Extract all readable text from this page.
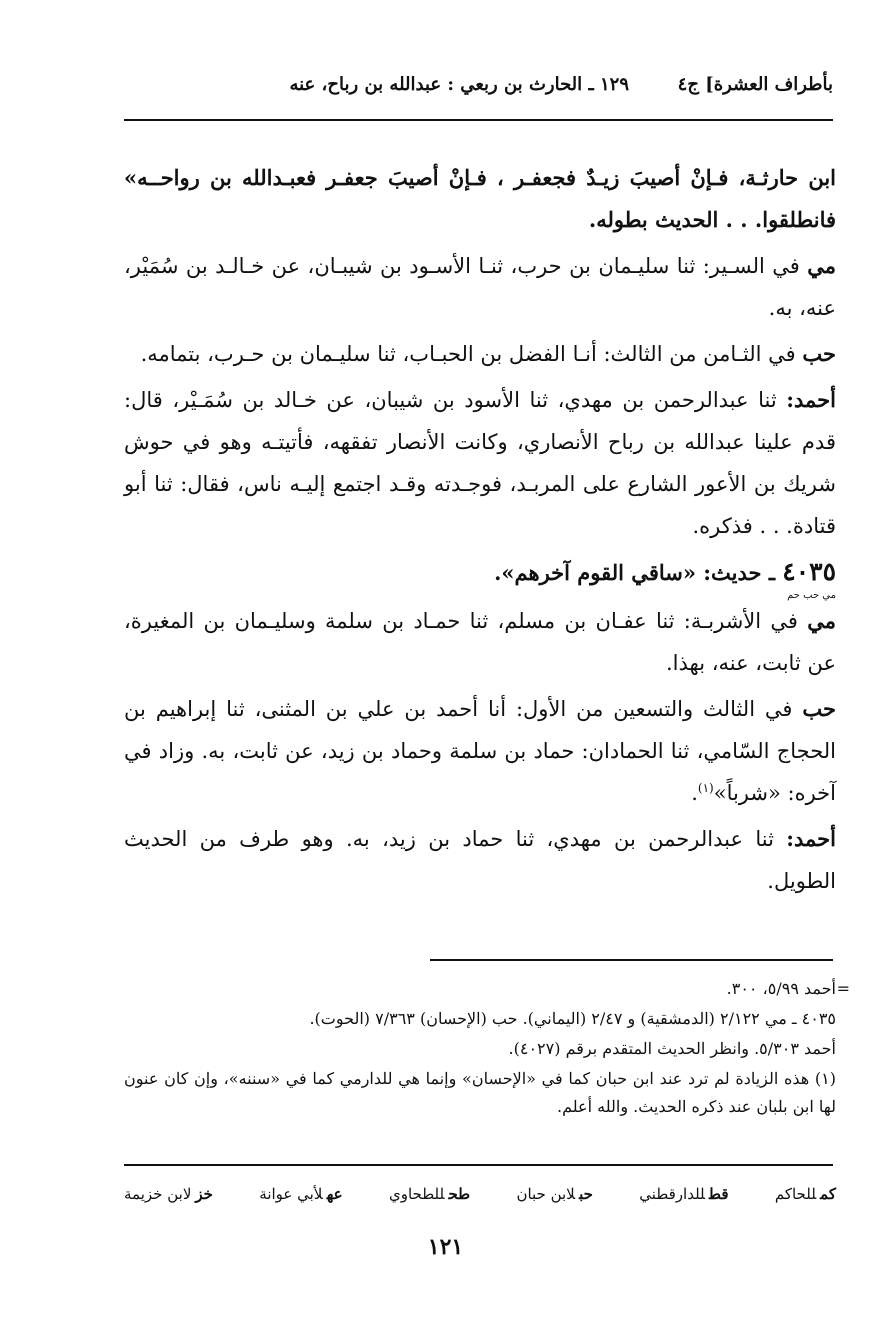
بأطراف العشرة] ج٤
١٢٩ ـ الحارث بن ربعي : عبدالله بن رباح، عنه

ابن حارثـة، فـإنْ أصيبَ زيـدٌ فجعفـر ، فـإنْ أصيبَ جعفـر فعبـدالله بن رواحــه» فانطلقوا. . . الحديث بطوله.

مي في السـير: ثنا سليـمان بن حرب، ثنـا الأسـود بن شيبـان، عن خـالـد بن سُمَيْر، عنه، به.

حب في الثـامن من الثالث: أنـا الفضل بن الحبـاب، ثنا سليـمان بن حـرب، بتمامه.

أحمد: ثنا عبدالرحمن بن مهدي، ثنا الأسود بن شيبان، عن خـالد بن سُمَـيْر، قال: قدم علينا عبدالله بن رباح الأنصاري، وكانت الأنصار تفقهه، فأتيتـه وهو في حوش شريك بن الأعور الشارع على المربـد، فوجـدته وقـد اجتمع إليـه ناس، فقال: ثنا أبو قتادة. . . فذكره.

٤٠٣٥ ـ حديث: «ساقي القوم آخرهم».

مي حب حم

مي في الأشربـة: ثنا عفـان بن مسلم، ثنا حمـاد بن سلمة وسليـمان بن المغيرة، عن ثابت، عنه، بهذا.

حب في الثالث والتسعين من الأول: أنا أحمد بن علي بن المثنى، ثنا إبراهيم بن الحجاج السّامي، ثنا الحمادان: حماد بن سلمة وحماد بن زيد، عن ثابت، به. وزاد في آخره: «شرباً»$^{(١)}$.

أحمد: ثنا عبدالرحمن بن مهدي، ثنا حماد بن زيد، به. وهو طرف من الحديث الطويل.

=

أحمد ٥/٩٩، ٣٠٠.

٤٠٣٥ ـ مي ٢/١٢٢ (الدمشقية) و ٢/٤٧ (اليماني). حب (الإحسان) ٧/٣٦٣ (الحوت).

أحمد ٥/٣٠٣. وانظر الحديث المتقدم برقم (٤٠٢٧).

(١) هذه الزيادة لم ترد عند ابن حبان كما في «الإحسان» وإنما هي للدارمي كما في «سننه»، وإن كان عنون لها ابن بلبان عند ذكره الحديث. والله أعلم.

خزلابن خزيمة	عهلأبي عوانة	طحللطحاوي	حبلابن حبان	قطللدارقطني	كمللحاكم
١٢١
